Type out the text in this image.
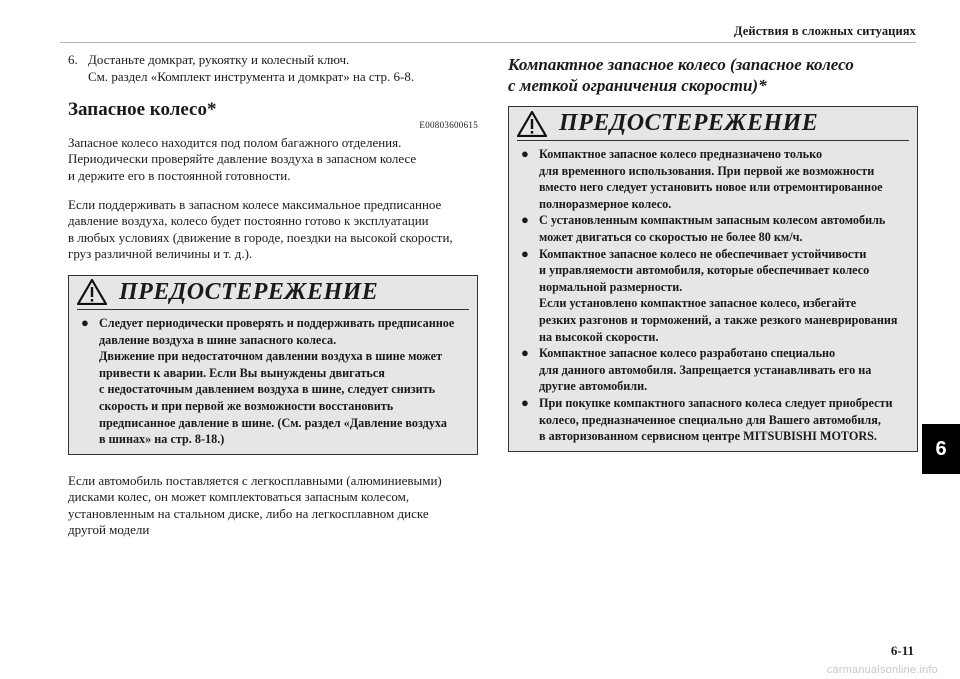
Действия в сложных ситуациях
6. Достаньте домкрат, рукоятку и колесный ключ.
См. раздел «Комплект инструмента и домкрат» на стр. 6-8.
Запасное колесо*
E00803600615
Запасное колесо находится под полом багажного отделения.
Периодически проверяйте давление воздуха в запасном колесе
и держите его в постоянной готовности.
Если поддерживать в запасном колесе максимальное предписанное
давление воздуха, колесо будет постоянно готово к эксплуатации
в любых условиях (движение в городе, поездки на высокой скорости,
груз различной величины и т. д.).
ПРЕДОСТЕРЕЖЕНИЕ
● Следует периодически проверять и поддерживать предписанное
давление воздуха в шине запасного колеса.
Движение при недостаточном давлении воздуха в шине может
привести к аварии. Если Вы вынуждены двигаться
с недостаточным давлением воздуха в шине, следует снизить
скорость и при первой же возможности восстановить
предписанное давление в шине. (См. раздел «Давление воздуха
в шинах» на стр. 8-18.)
Если автомобиль поставляется с легкосплавными (алюминиевыми)
дисками колес, он может комплектоваться запасным колесом,
установленным на стальном диске, либо на легкосплавном диске
другой модели
Компактное запасное колесо (запасное колесо
с меткой ограничения скорости)*
ПРЕДОСТЕРЕЖЕНИЕ
● Компактное запасное колесо предназначено только
для временного использования. При первой же возможности
вместо него следует установить новое или отремонтированное
полноразмерное колесо.
● С установленным компактным запасным колесом автомобиль
может двигаться со скоростью не более 80 км/ч.
● Компактное запасное колесо не обеспечивает устойчивости
и управляемости автомобиля, которые обеспечивает колесо
нормальной размерности.
Если установлено компактное запасное колесо, избегайте
резких разгонов и торможений, а также резкого маневрирования
на высокой скорости.
● Компактное запасное колесо разработано специально
для данного автомобиля. Запрещается устанавливать его на
другие автомобили.
● При покупке компактного запасного колеса следует приобрести
колесо, предназначенное специально для Вашего автомобиля,
в авторизованном сервисном центре MITSUBISHI MOTORS.
6
6-11
carmanualsonline.info
